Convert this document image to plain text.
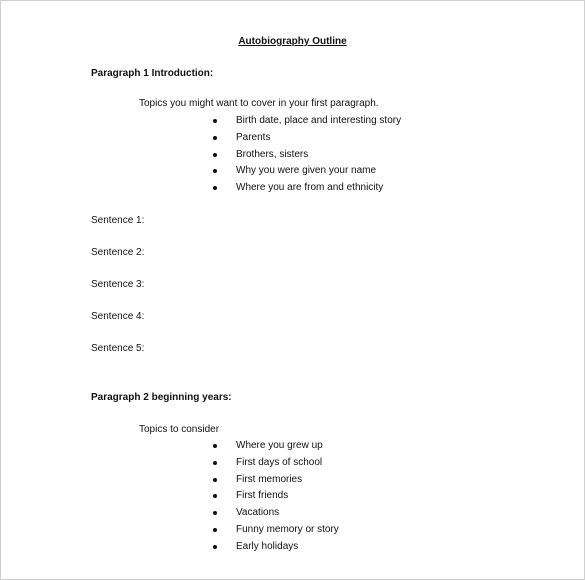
Autobiography Outline
Paragraph 1 Introduction:
Topics you might want to cover in your first paragraph.
Birth date, place and interesting story
Parents
Brothers, sisters
Why you were given your name
Where you are from and ethnicity
Sentence 1:
Sentence 2:
Sentence 3:
Sentence 4:
Sentence 5:
Paragraph 2 beginning years:
Topics to consider
Where you grew up
First days of school
First memories
First friends
Vacations
Funny memory or story
Early holidays
